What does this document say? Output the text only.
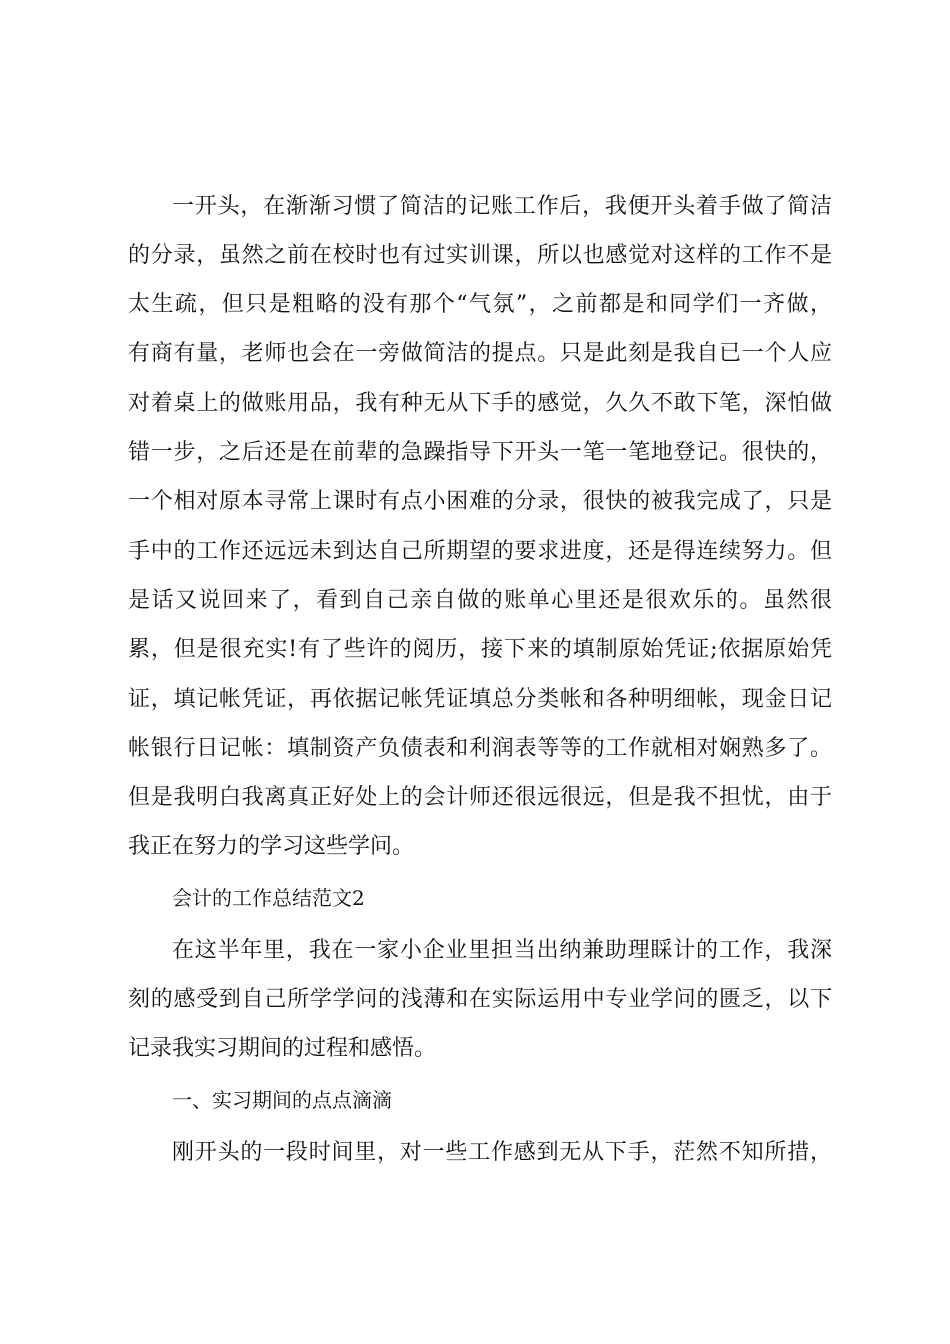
一开头，在渐渐习惯了简洁的记账工作后，我便开头着手做了简洁
的分录，虽然之前在校时也有过实训课，所以也感觉对这样的工作不是
太生疏，但只是粗略的没有那个“气氛”，之前都是和同学们一齐做，
有商有量，老师也会在一旁做简洁的提点。只是此刻是我自已一个人应
对着桌上的做账用品，我有种无从下手的感觉，久久不敢下笔，深怕做
错一步，之后还是在前辈的急躁指导下开头一笔一笔地登记。很快的，
一个相对原本寻常上课时有点小困难的分录，很快的被我完成了，只是
手中的工作还远远未到达自己所期望的要求进度，还是得连续努力。但
是话又说回来了，看到自己亲自做的账单心里还是很欢乐的。虽然很
累，但是很充实!有了些许的阅历，接下来的填制原始凭证;依据原始凭
证，填记帐凭证，再依据记帐凭证填总分类帐和各种明细帐，现金日记
帐银行日记帐：填制资产负债表和利润表等等的工作就相对娴熟多了。
但是我明白我离真正好处上的会计师还很远很远，但是我不担忧，由于
我正在努力的学习这些学问。
会计的工作总结范文2
在这半年里，我在一家小企业里担当出纳兼助理睬计的工作，我深
刻的感受到自己所学学问的浅薄和在实际运用中专业学问的匮乏，以下
记录我实习期间的过程和感悟。
一、实习期间的点点滴滴
刚开头的一段时间里，对一些工作感到无从下手，茫然不知所措，
